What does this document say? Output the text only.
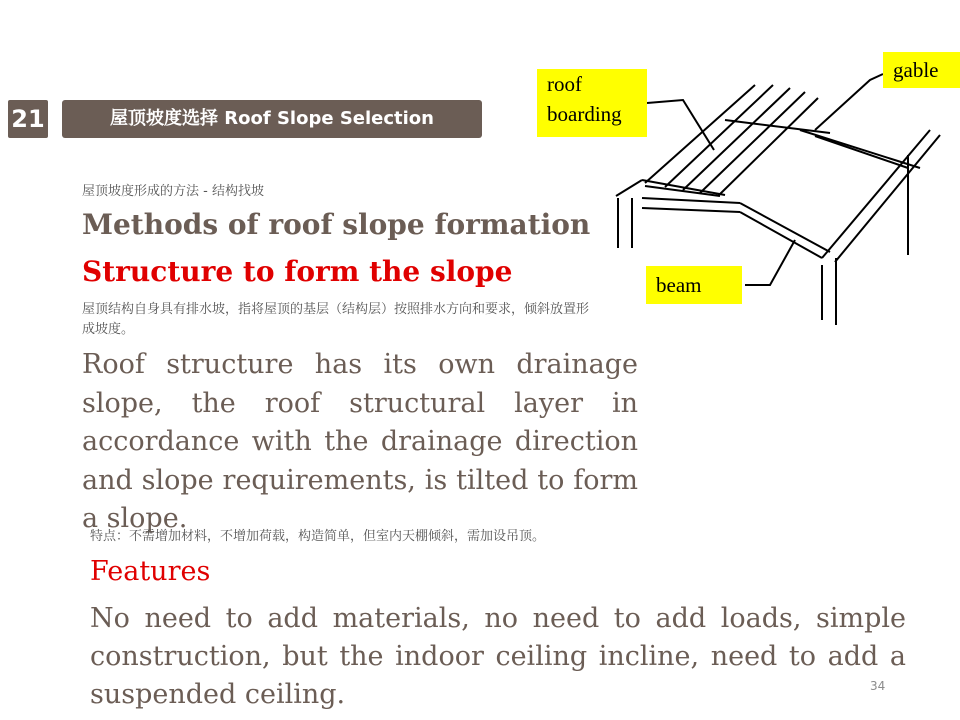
21	屋顶坡度选择 Roof Slope Selection
屋顶坡度形成的方法 - 结构找坡
Methods of roof slope formation
Structure to form the slope
屋顶结构自身具有排水坡，指将屋顶的基层（结构层）按照排水方向和要求，倾斜放置形成坡度。
Roof structure has its own drainage slope, the roof structural layer in accordance with the drainage direction and slope requirements, is tilted to form a slope.
特点：不需增加材料，不增加荷载，构造简单，但室内天棚倾斜，需加设吊顶。
Features
No need to add materials, no need to add loads, simple construction, but the indoor ceiling incline, need to add a suspended ceiling.
roof boarding
gable
beam
34
